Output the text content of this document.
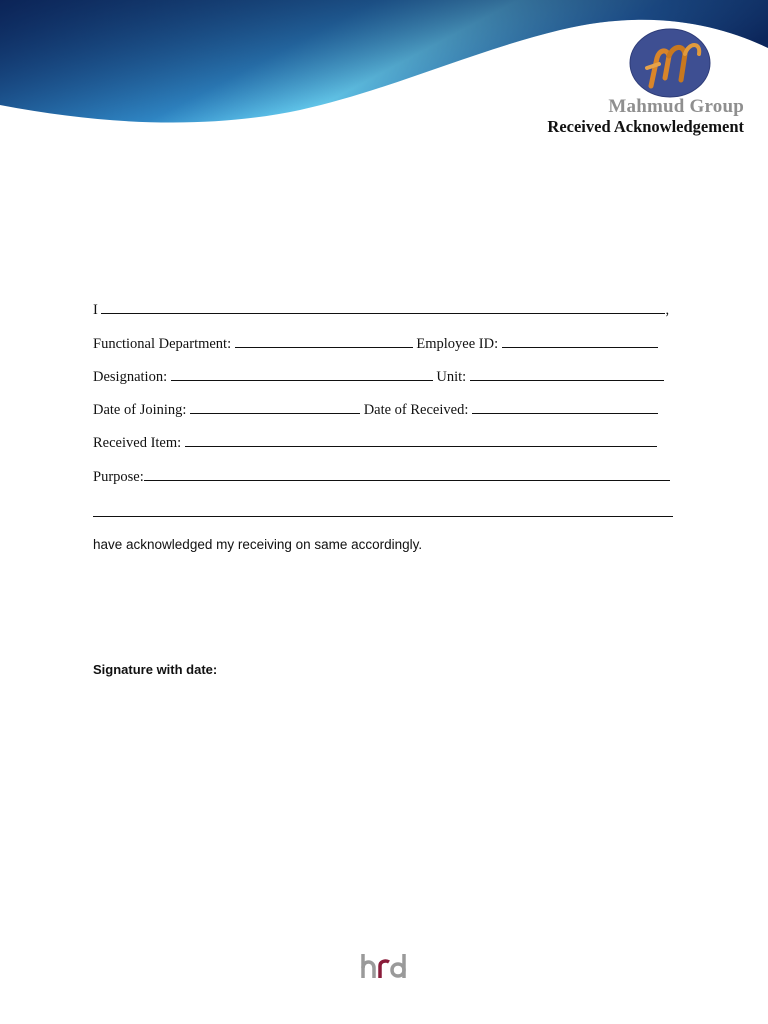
Mahmud Group
Received Acknowledgement
I	,
Functional Department:	Employee ID:
Designation:	Unit:
Date of Joining:	Date of Received:
Received Item:
Purpose:
have acknowledged my receiving on same accordingly.
Signature with date:
